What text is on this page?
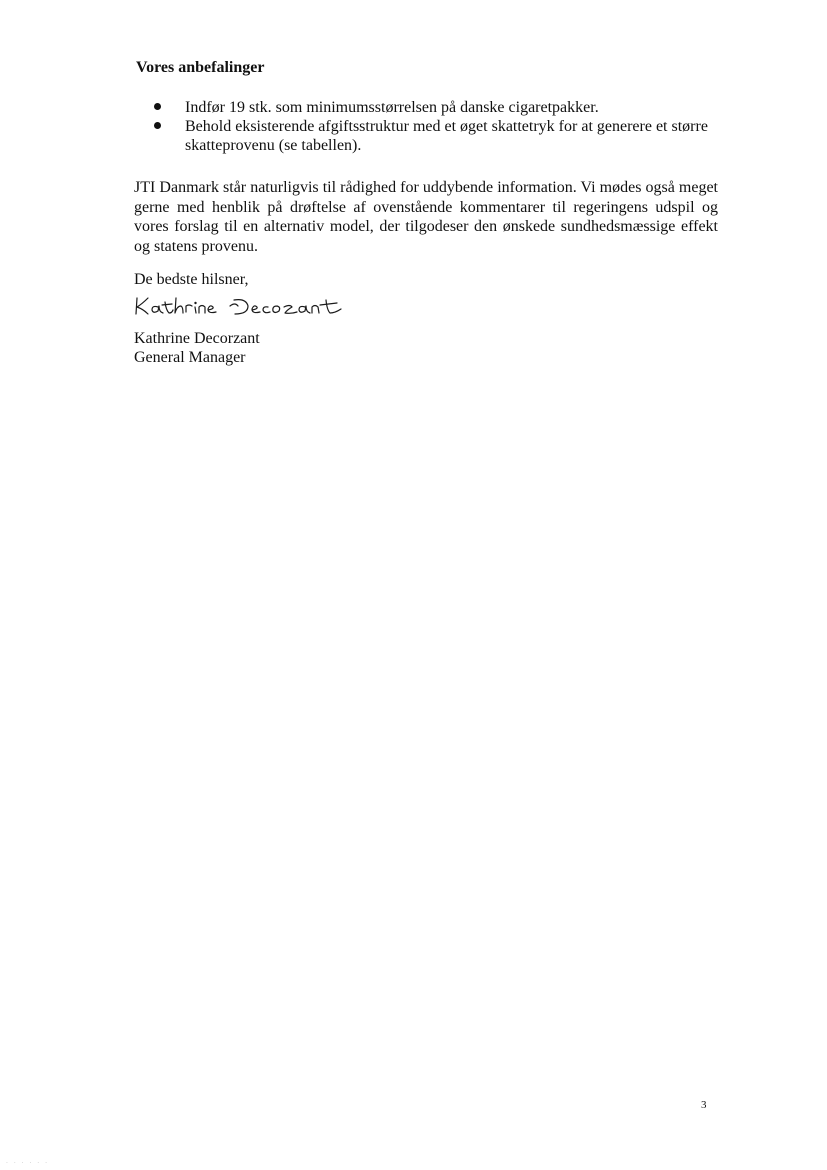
Vores anbefalinger
Indfør 19 stk. som minimumsstørrelsen på danske cigaretpakker.
Behold eksisterende afgiftsstruktur med et øget skattetryk for at generere et større skatteprovenu (se tabellen).

JTI Danmark står naturligvis til rådighed for uddybende information. Vi mødes også meget gerne med henblik på drøftelse af ovenstående kommentarer til regeringens udspil og vores forslag til en alternativ model, der tilgodeser den ønskede sundhedsmæssige effekt og statens provenu.

De bedste hilsner,

Kathrine Decorzant
General Manager
3
· · · · · ·
